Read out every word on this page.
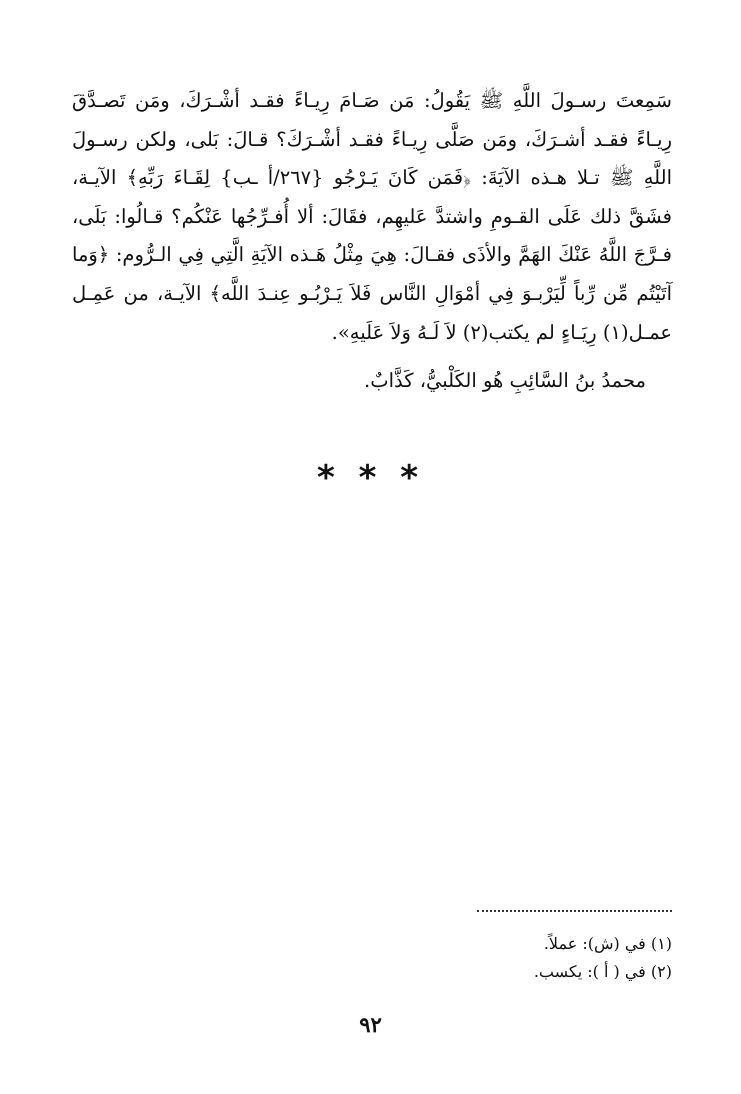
سَمِعتَ رسـولَ اللَّهِ ﷺ يَقُولُ: مَن صَـامَ رِيـاءً فقـد أشْـرَكَ، ومَن تَصـدَّقَ رِيـاءً فقـد أشـرَكَ، ومَن صَلَّى رِيـاءً فقـد أشْـرَكَ؟ قـالَ: بَلى، ولكن رسـولَ اللَّهِ ﷺ تـلا هـذه الآيَةَ: ﴿فَمَن كَانَ يَـرْجُو {٢٦٧/أ ـب} لِقَـاءَ رَبِّهِ﴾ الآيـة، فشَقَّ ذلك عَلَى القـومِ واشتدَّ عَليهِم، فقَالَ: ألا أُفـرِّجُها عَنْكُم؟ قـالُوا: بَلَى، فـرَّجَ اللَّهُ عَنْكَ الهَمَّ والأذَى فقـالَ: هِيَ مِثْلُ هَـذه الآيَةِ الَّتِي فِي الـرُّوم: ﴿وَما آتَيْتُم مِّن رِّباً لِّيَرْبـوَ فِي أمْوَالِ النَّاس فَلاَ يَـرْبُـو عِنـدَ اللَّه﴾ الآيـة، من عَمِـل عمـل(١) رِيَـاءٍ لم يكتب(٢) لاَ لَـهُ وَلاَ عَلَيهِ».

محمدُ بنُ السَّائِبِ هُو الكَلْبيُّ، كَذَّابٌ.
* * *
(١) في (ش): عملاً.
(٢) في ( أ ): يكسب.
٩٢
